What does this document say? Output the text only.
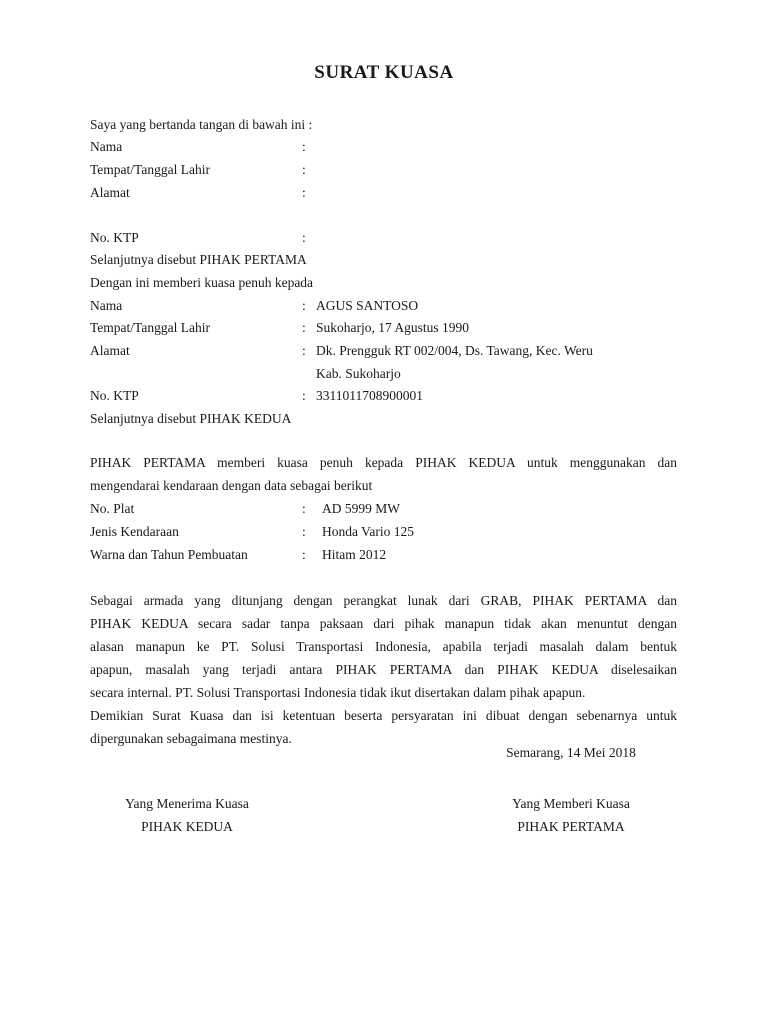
SURAT KUASA
Saya yang bertanda tangan di bawah ini :
Nama	:
Tempat/Tanggal Lahir	:
Alamat	:
No. KTP	:
Selanjutnya disebut PIHAK PERTAMA
Dengan ini memberi kuasa penuh kepada
Nama	: AGUS SANTOSO
Tempat/Tanggal Lahir	: Sukoharjo, 17 Agustus 1990
Alamat	: Dk. Prengguk RT 002/004, Ds. Tawang, Kec. Weru
Kab. Sukoharjo
No. KTP	: 3311011708900001
Selanjutnya disebut PIHAK KEDUA
PIHAK PERTAMA memberi kuasa penuh kepada PIHAK KEDUA untuk menggunakan dan
mengendarai kendaraan dengan data sebagai berikut
No. Plat	: AD 5999 MW
Jenis Kendaraan	: Honda Vario 125
Warna dan Tahun Pembuatan	: Hitam 2012
Sebagai armada yang ditunjang dengan perangkat lunak dari GRAB, PIHAK PERTAMA dan
PIHAK KEDUA secara sadar tanpa paksaan dari pihak manapun tidak akan menuntut dengan
alasan manapun ke PT. Solusi Transportasi Indonesia, apabila terjadi masalah dalam bentuk
apapun, masalah yang terjadi antara PIHAK PERTAMA dan PIHAK KEDUA diselesaikan
secara internal. PT. Solusi Transportasi Indonesia tidak ikut disertakan dalam pihak apapun.
Demikian Surat Kuasa dan isi ketentuan beserta persyaratan ini dibuat dengan sebenarnya untuk
dipergunakan sebagaimana mestinya.
Semarang, 14 Mei 2018
Yang Menerima Kuasa
PIHAK KEDUA
Yang Memberi Kuasa
PIHAK PERTAMA
